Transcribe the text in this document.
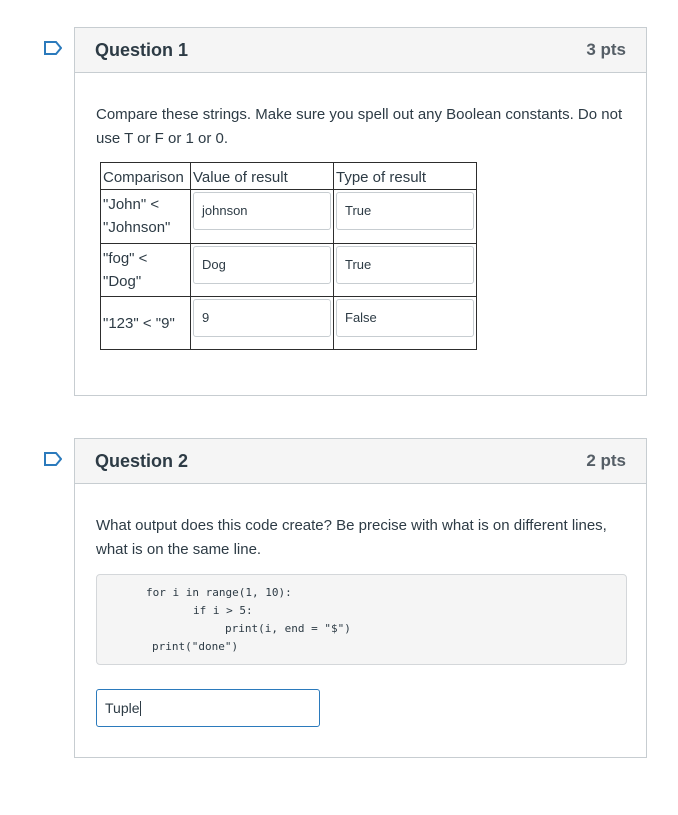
Question 1	3 pts
Compare these strings. Make sure you spell out any Boolean constants. Do not use T or F or 1 or 0.
Comparison	Value of result	Type of result

"John" <
"Johnson"	johnson	True

"fog" <
"Dog"	Dog	True

"123" < "9"	9	False
Question 2	2 pts
What output does this code create? Be precise with what is on different lines, what is on the same line.
for i in range(1, 10):
if i > 5:
print(i, end = "$")
print("done")
Tuple
